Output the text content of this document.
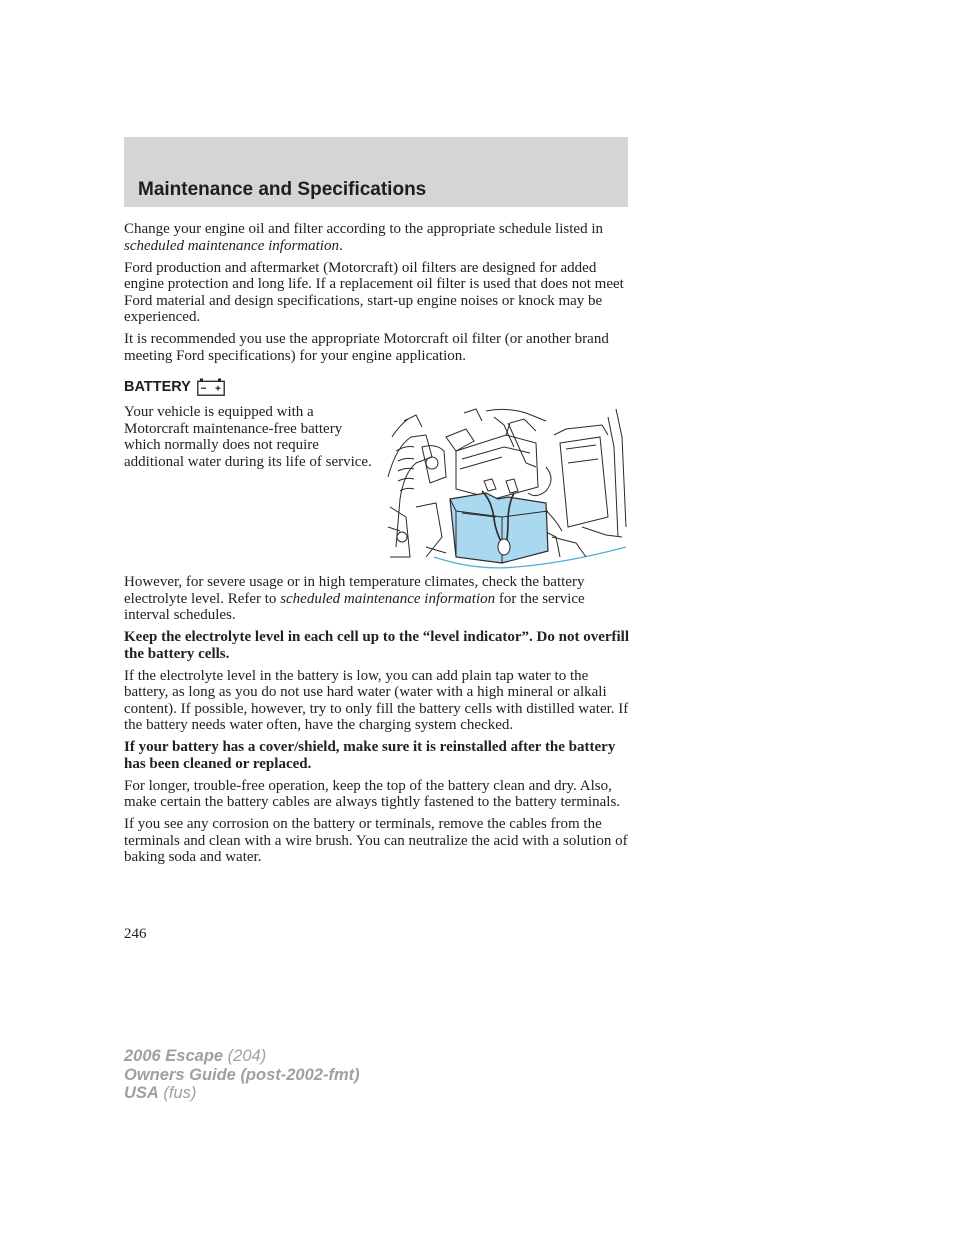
Maintenance and Specifications

Change your engine oil and filter according to the appropriate schedule listed in scheduled maintenance information.

Ford production and aftermarket (Motorcraft) oil filters are designed for added engine protection and long life. If a replacement oil filter is used that does not meet Ford material and design specifications, start-up engine noises or knock may be experienced.

It is recommended you use the appropriate Motorcraft oil filter (or another brand meeting Ford specifications) for your engine application.

BATTERY

Your vehicle is equipped with a Motorcraft maintenance-free battery which normally does not require additional water during its life of service.

However, for severe usage or in high temperature climates, check the battery electrolyte level. Refer to scheduled maintenance information for the service interval schedules.

Keep the electrolyte level in each cell up to the “level indicator”. Do not overfill the battery cells.

If the electrolyte level in the battery is low, you can add plain tap water to the battery, as long as you do not use hard water (water with a high mineral or alkali content). If possible, however, try to only fill the battery cells with distilled water. If the battery needs water often, have the charging system checked.

If your battery has a cover/shield, make sure it is reinstalled after the battery has been cleaned or replaced.

For longer, trouble-free operation, keep the top of the battery clean and dry. Also, make certain the battery cables are always tightly fastened to the battery terminals.

If you see any corrosion on the battery or terminals, remove the cables from the terminals and clean with a wire brush. You can neutralize the acid with a solution of baking soda and water.

246
2006 Escape (204)
Owners Guide (post-2002-fmt)
USA (fus)
